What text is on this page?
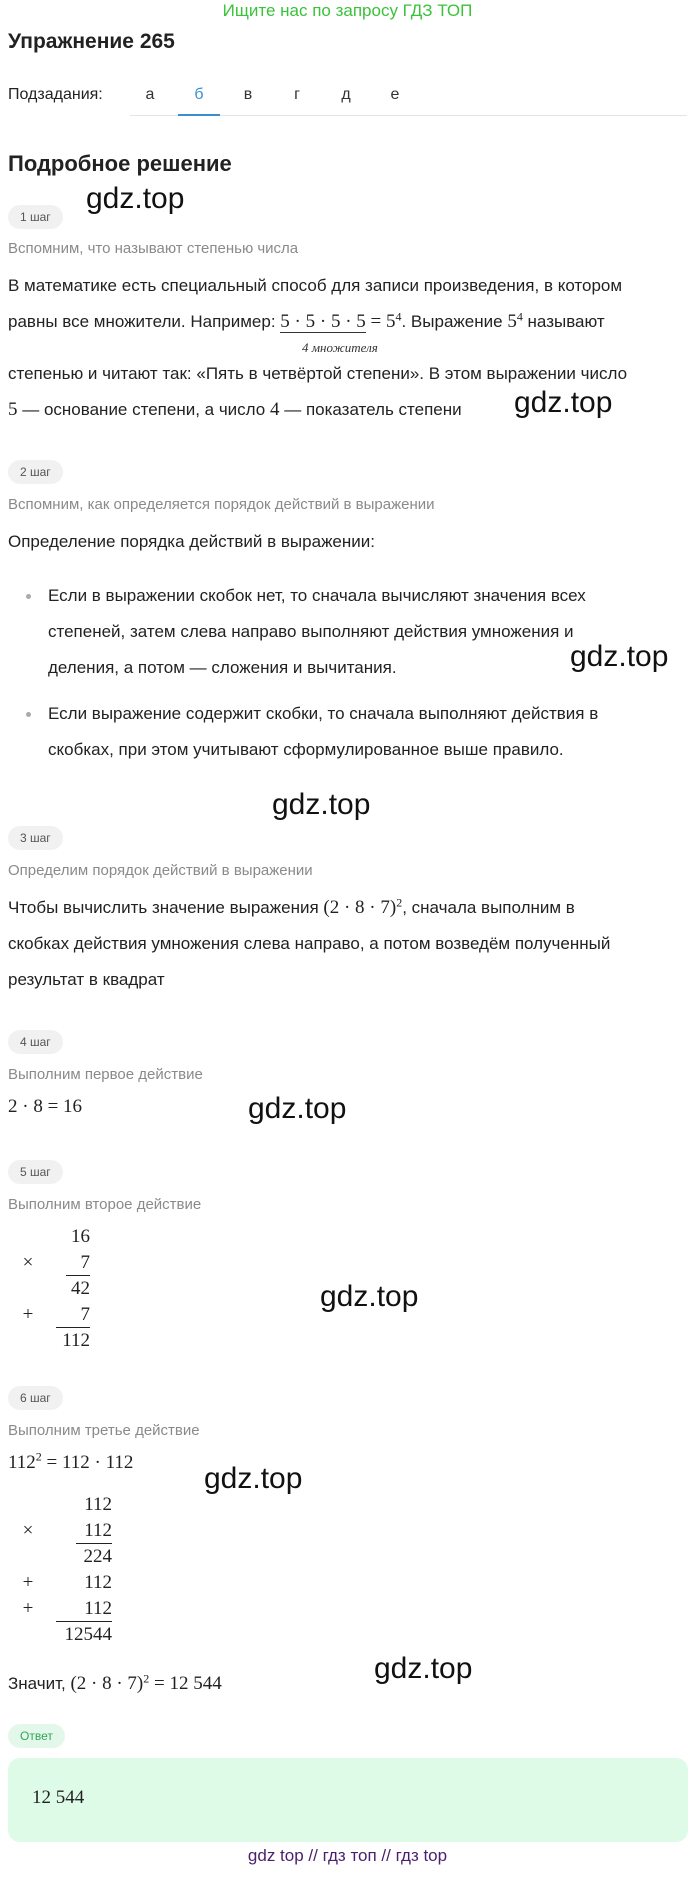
Ищите нас по запросу ГДЗ ТОП
Упражнение 265
Подзадания:	а	б	в	г	д	е
Подробное решение
1 шаг
gdz.top
Вспомним, что называют степенью числа
В математике есть специальный способ для записи произведения, в котором
равны все множители. Например: $5 \cdot 5 \cdot 5 \cdot 5 = 5^4$. Выражение $5^4$ называют
4 множителя
степенью и читают так: «Пять в четвёртой степени». В этом выражении число
5 — основание степени, а число 4 — показатель степени	gdz.top
2 шаг
Вспомним, как определяется порядок действий в выражении
Определение порядка действий в выражении:
Если в выражении скобок нет, то сначала вычисляют значения всех
степеней, затем слева направо выполняют действия умножения и
деления, а потом — сложения и вычитания.	gdz.top
Если выражение содержит скобки, то сначала выполняют действия в
скобках, при этом учитывают сформулированное выше правило.
gdz.top
3 шаг
Определим порядок действий в выражении
Чтобы вычислить значение выражения $(2 \cdot 8 \cdot 7)^2$, сначала выполним в
скобках действия умножения слева направо, а потом возведём полученный
результат в квадрат
4 шаг
Выполним первое действие
2 · 8 = 16	gdz.top
5 шаг
Выполним второе действие
16
×	7
42
+	7
112
gdz.top
6 шаг
Выполним третье действие
$112^2 = 112 \cdot 112$ gdz.top
112
×	112
224
+	112
+	112
12544
Значит, $(2 \cdot 8 \cdot 7)^2 = 12$ 544	gdz.top
Ответ
12 544
gdz top // гдз топ // гдз top
